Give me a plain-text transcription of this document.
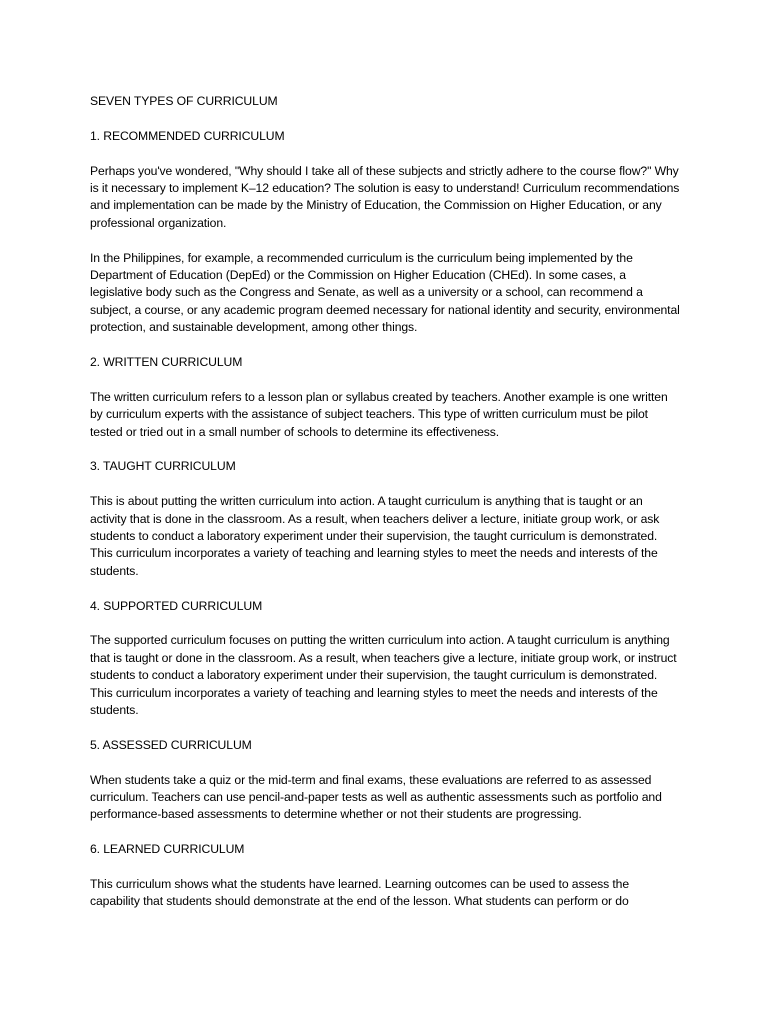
SEVEN TYPES OF CURRICULUM

1. RECOMMENDED CURRICULUM

Perhaps you've wondered, "Why should I take all of these subjects and strictly adhere to the course flow?" Why is it necessary to implement K–12 education? The solution is easy to understand! Curriculum recommendations and implementation can be made by the Ministry of Education, the Commission on Higher Education, or any professional organization.

In the Philippines, for example, a recommended curriculum is the curriculum being implemented by the Department of Education (DepEd) or the Commission on Higher Education (CHEd). In some cases, a legislative body such as the Congress and Senate, as well as a university or a school, can recommend a subject, a course, or any academic program deemed necessary for national identity and security, environmental protection, and sustainable development, among other things.

2. WRITTEN CURRICULUM

The written curriculum refers to a lesson plan or syllabus created by teachers. Another example is one written by curriculum experts with the assistance of subject teachers. This type of written curriculum must be pilot tested or tried out in a small number of schools to determine its effectiveness.

3. TAUGHT CURRICULUM

This is about putting the written curriculum into action. A taught curriculum is anything that is taught or an activity that is done in the classroom. As a result, when teachers deliver a lecture, initiate group work, or ask students to conduct a laboratory experiment under their supervision, the taught curriculum is demonstrated. This curriculum incorporates a variety of teaching and learning styles to meet the needs and interests of the students.

4. SUPPORTED CURRICULUM

The supported curriculum focuses on putting the written curriculum into action. A taught curriculum is anything that is taught or done in the classroom. As a result, when teachers give a lecture, initiate group work, or instruct students to conduct a laboratory experiment under their supervision, the taught curriculum is demonstrated. This curriculum incorporates a variety of teaching and learning styles to meet the needs and interests of the students.

5. ASSESSED CURRICULUM

When students take a quiz or the mid-term and final exams, these evaluations are referred to as assessed curriculum. Teachers can use pencil-and-paper tests as well as authentic assessments such as portfolio and performance-based assessments to determine whether or not their students are progressing.

6. LEARNED CURRICULUM

This curriculum shows what the students have learned. Learning outcomes can be used to assess the capability that students should demonstrate at the end of the lesson. What students can perform or do
